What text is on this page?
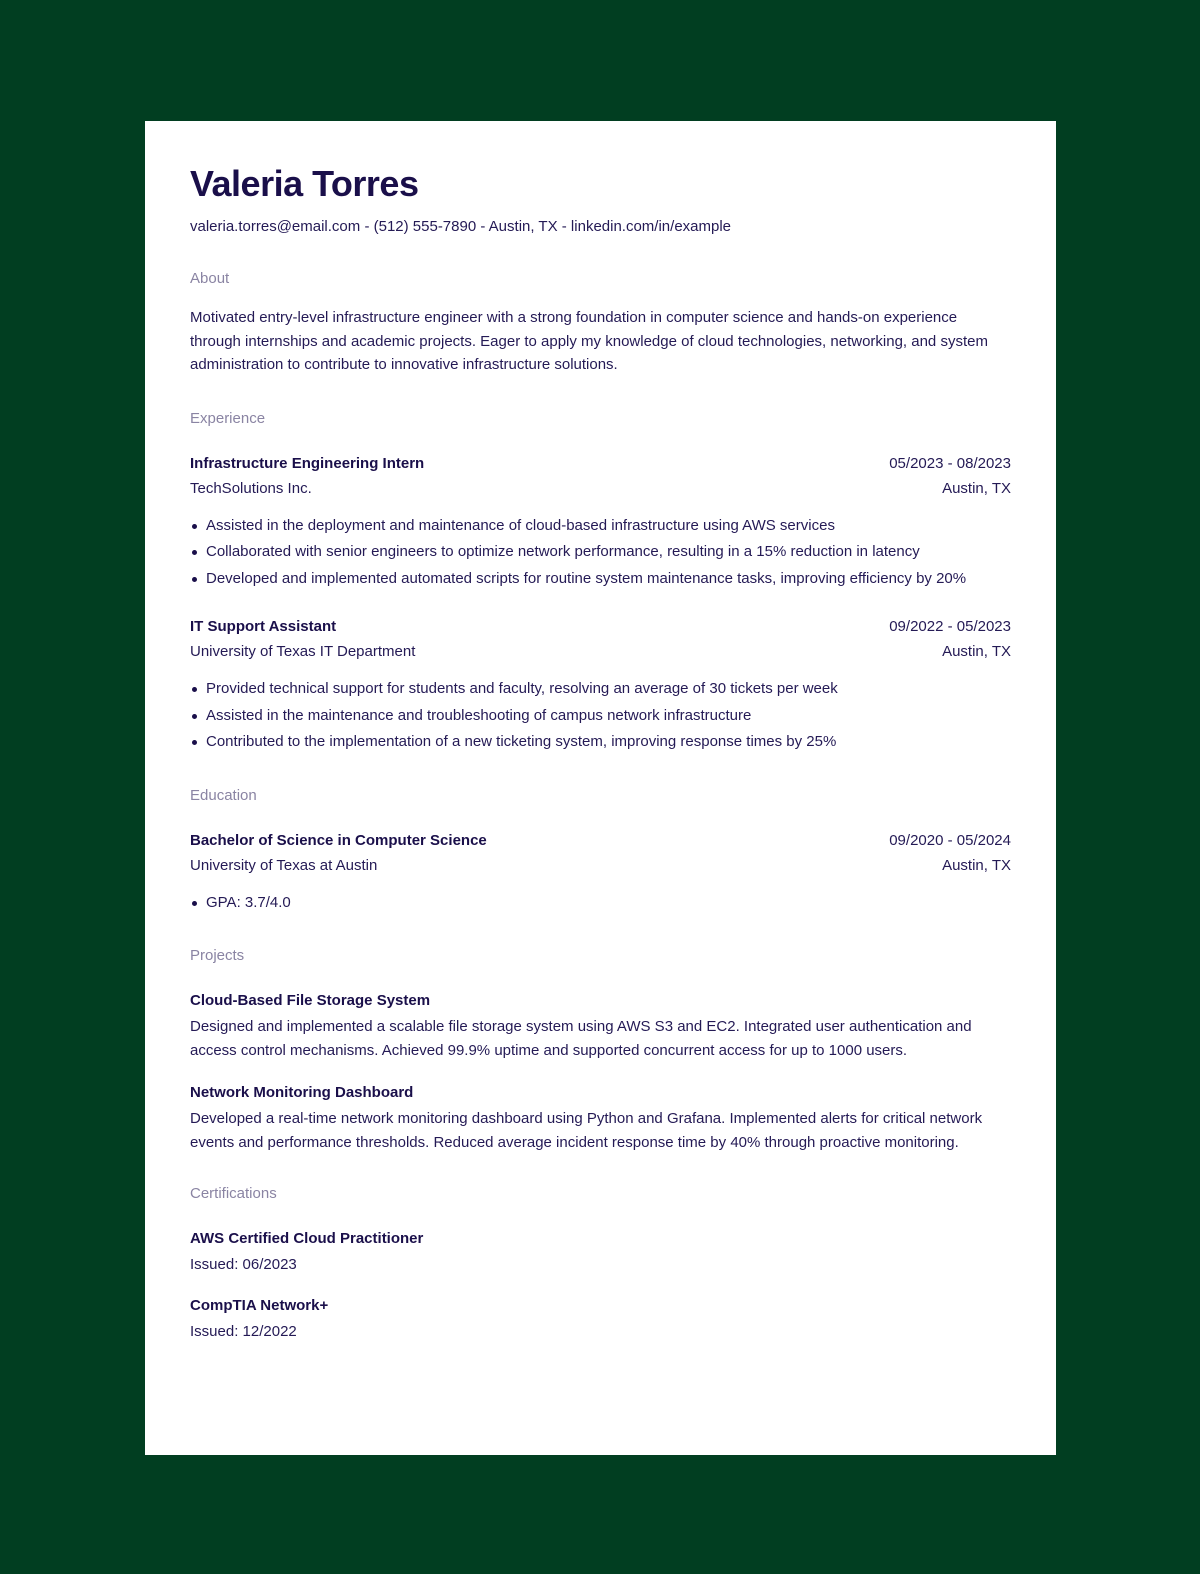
Valeria Torres
valeria.torres@email.com - (512) 555-7890 - Austin, TX - linkedin.com/in/example
About
Motivated entry-level infrastructure engineer with a strong foundation in computer science and hands-on experience through internships and academic projects. Eager to apply my knowledge of cloud technologies, networking, and system administration to contribute to innovative infrastructure solutions.
Experience
Infrastructure Engineering Intern	05/2023 - 08/2023
TechSolutions Inc.	Austin, TX
Assisted in the deployment and maintenance of cloud-based infrastructure using AWS services
Collaborated with senior engineers to optimize network performance, resulting in a 15% reduction in latency
Developed and implemented automated scripts for routine system maintenance tasks, improving efficiency by 20%
IT Support Assistant	09/2022 - 05/2023
University of Texas IT Department	Austin, TX
Provided technical support for students and faculty, resolving an average of 30 tickets per week
Assisted in the maintenance and troubleshooting of campus network infrastructure
Contributed to the implementation of a new ticketing system, improving response times by 25%
Education
Bachelor of Science in Computer Science	09/2020 - 05/2024
University of Texas at Austin	Austin, TX
GPA: 3.7/4.0
Projects
Cloud-Based File Storage System
Designed and implemented a scalable file storage system using AWS S3 and EC2. Integrated user authentication and access control mechanisms. Achieved 99.9% uptime and supported concurrent access for up to 1000 users.
Network Monitoring Dashboard
Developed a real-time network monitoring dashboard using Python and Grafana. Implemented alerts for critical network events and performance thresholds. Reduced average incident response time by 40% through proactive monitoring.
Certifications
AWS Certified Cloud Practitioner
Issued: 06/2023
CompTIA Network+
Issued: 12/2022
